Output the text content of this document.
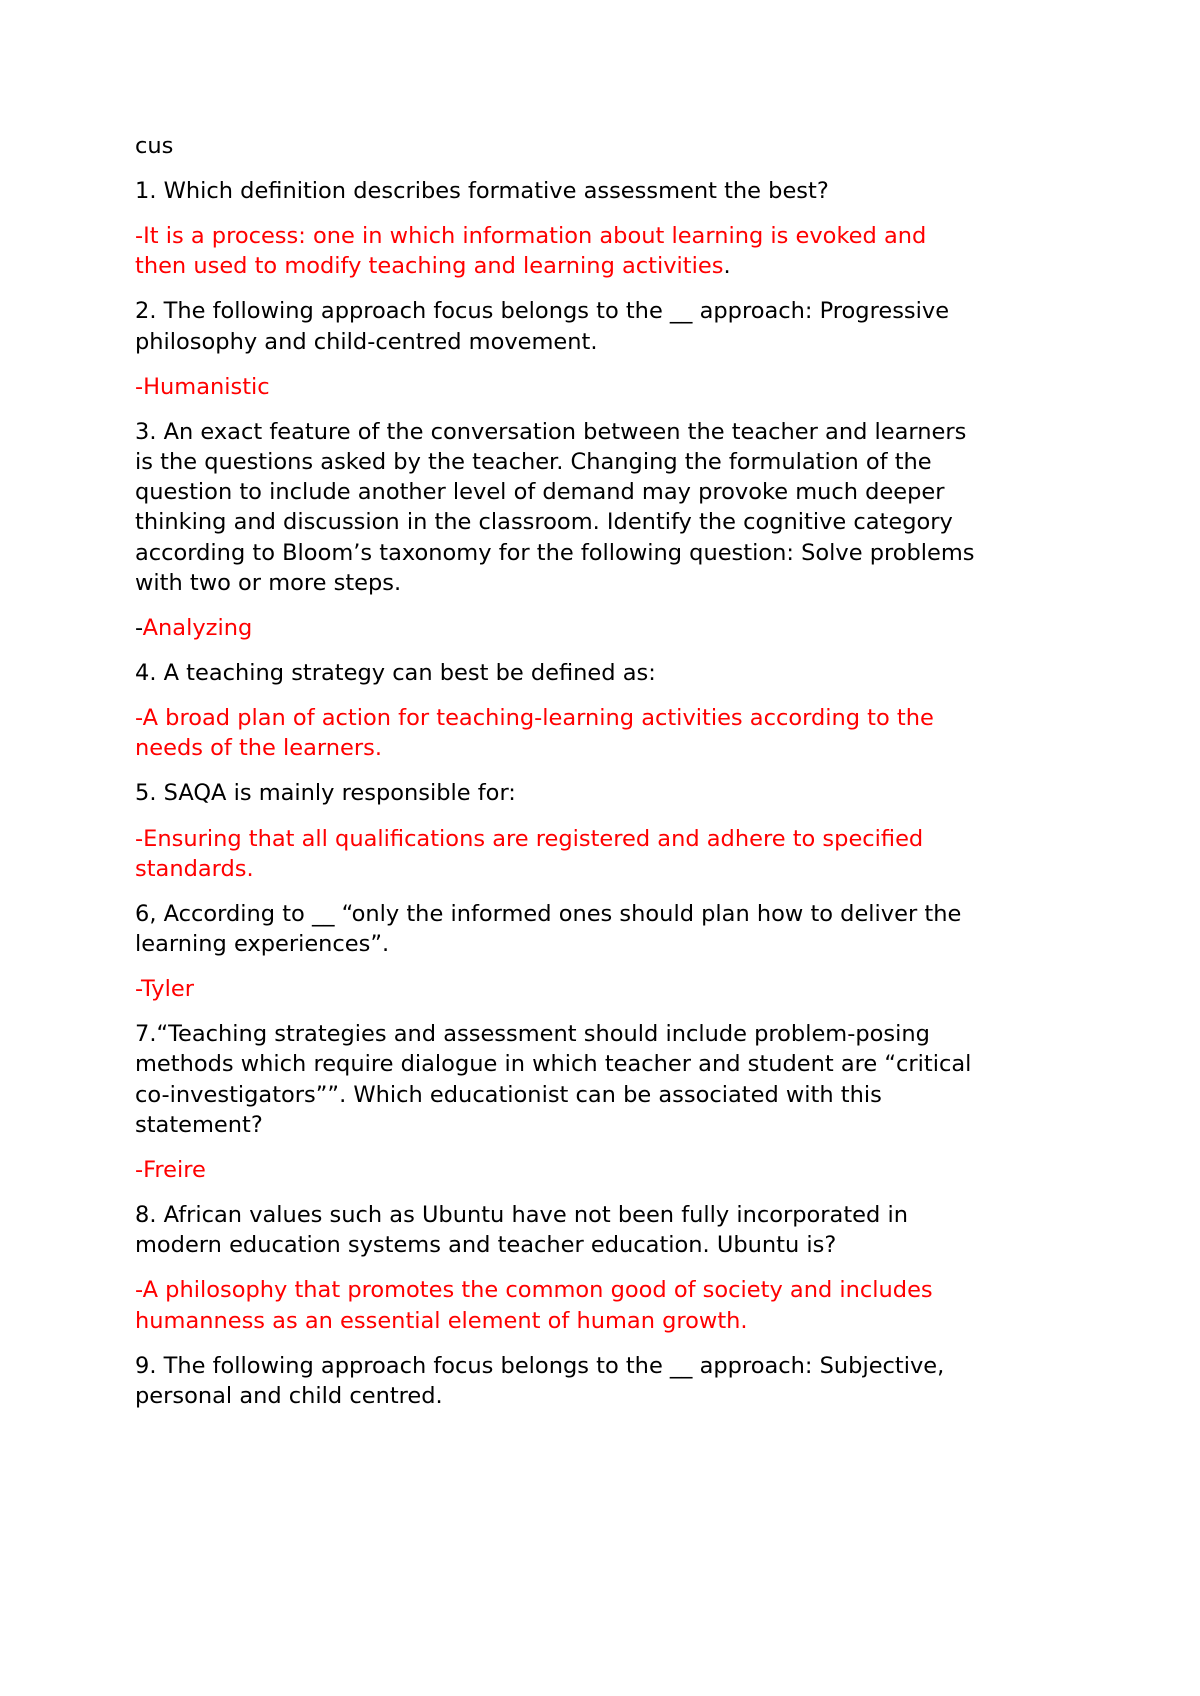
cus

1. Which definition describes formative assessment the best?

-It is a process: one in which information about learning is evoked and
then used to modify teaching and learning activities.

2. The following approach focus belongs to the __ approach: Progressive
philosophy and child-centred movement.

-Humanistic

3. An exact feature of the conversation between the teacher and learners
is the questions asked by the teacher. Changing the formulation of the
question to include another level of demand may provoke much deeper
thinking and discussion in the classroom. Identify the cognitive category
according to Bloom’s taxonomy for the following question: Solve problems
with two or more steps.

-Analyzing

4. A teaching strategy can best be defined as:

-A broad plan of action for teaching-learning activities according to the
needs of the learners.

5. SAQA is mainly responsible for:

-Ensuring that all qualifications are registered and adhere to specified
standards.

6, According to __ “only the informed ones should plan how to deliver the
learning experiences”.

-Tyler

7.“Teaching strategies and assessment should include problem-posing
methods which require dialogue in which teacher and student are “critical
co-investigators””. Which educationist can be associated with this
statement?

-Freire

8. African values such as Ubuntu have not been fully incorporated in
modern education systems and teacher education. Ubuntu is?

-A philosophy that promotes the common good of society and includes
humanness as an essential element of human growth.

9. The following approach focus belongs to the __ approach: Subjective,
personal and child centred.
